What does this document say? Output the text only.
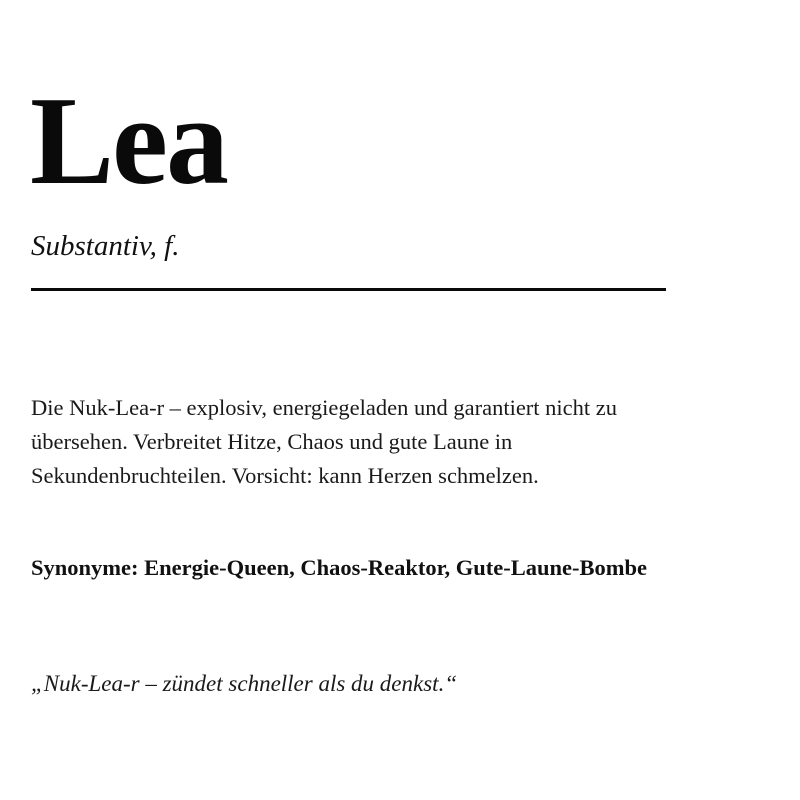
Lea

Substantiv, f.

Die Nuk-Lea-r – explosiv, energiegeladen und garantiert nicht zu
übersehen. Verbreitet Hitze, Chaos und gute Laune in
Sekundenbruchteilen. Vorsicht: kann Herzen schmelzen.

Synonyme: Energie-Queen, Chaos-Reaktor, Gute-Laune-Bombe

„Nuk-Lea-r – zündet schneller als du denkst.“
